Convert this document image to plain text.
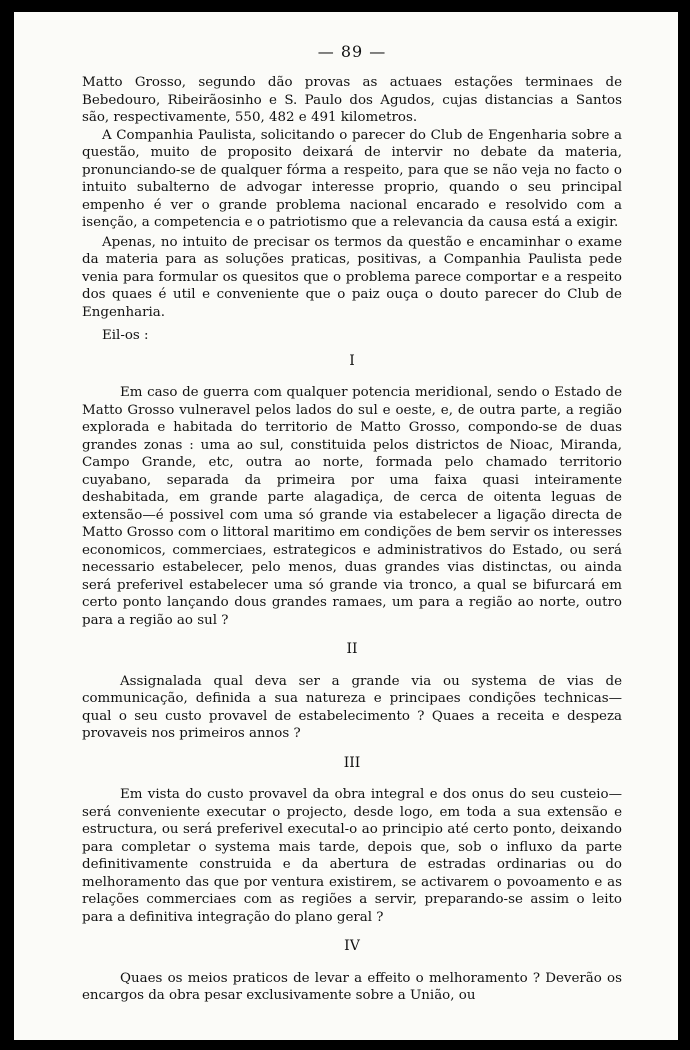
— 89 —

Matto Grosso, segundo dão provas as actuaes estações terminaes de Bebedouro, Ribeirãosinho e S. Paulo dos Agudos, cujas distancias a Santos são, respectivamente, 550, 482 e 491 kilometros.

A Companhia Paulista, solicitando o parecer do Club de Engenharia sobre a questão, muito de proposito deixará de intervir no debate da materia, pronunciando-se de qualquer fórma a respeito, para que se não veja no facto o intuito subalterno de advogar interesse proprio, quando o seu principal empenho é ver o grande problema nacional encarado e resolvido com a isenção, a competencia e o patriotismo que a relevancia da causa está a exigir.

Apenas, no intuito de precisar os termos da questão e encaminhar o exame da materia para as soluções praticas, positivas, a Companhia Paulista pede venia para formular os quesitos que o problema parece comportar e a respeito dos quaes é util e conveniente que o paiz ouça o douto parecer do Club de Engenharia.

Eil-os :

I

Em caso de guerra com qualquer potencia meridional, sendo o Estado de Matto Grosso vulneravel pelos lados do sul e oeste, e, de outra parte, a região explorada e habitada do territorio de Matto Grosso, compondo-se de duas grandes zonas : uma ao sul, constituida pelos districtos de Nioac, Miranda, Campo Grande, etc, outra ao norte, formada pelo chamado territorio cuyabano, separada da primeira por uma faixa quasi inteiramente deshabitada, em grande parte alagadiça, de cerca de oitenta leguas de extensão—é possivel com uma só grande via estabelecer a ligação directa de Matto Grosso com o littoral maritimo em condições de bem servir os interesses economicos, commerciaes, estrategicos e administrativos do Estado, ou será necessario estabelecer, pelo menos, duas grandes vias distinctas, ou ainda será preferivel estabelecer uma só grande via tronco, a qual se bifurcará em certo ponto lançando dous grandes ramaes, um para a região ao norte, outro para a região ao sul ?

II

Assignalada qual deva ser a grande via ou systema de vias de communicação, definida a sua natureza e principaes condições technicas—qual o seu custo provavel de estabelecimento ? Quaes a receita e despeza provaveis nos primeiros annos ?

III

Em vista do custo provavel da obra integral e dos onus do seu custeio—será conveniente executar o projecto, desde logo, em toda a sua extensão e estructura, ou será preferivel executal-o ao principio até certo ponto, deixando para completar o systema mais tarde, depois que, sob o influxo da parte definitivamente construida e da abertura de estradas ordinarias ou do melhoramento das que por ventura existirem, se activarem o povoamento e as relações commerciaes com as regiões a servir, preparando-se assim o leito para a definitiva integração do plano geral ?

IV

Quaes os meios praticos de levar a effeito o melhoramento ? Deverão os encargos da obra pesar exclusivamente sobre a União, ou
